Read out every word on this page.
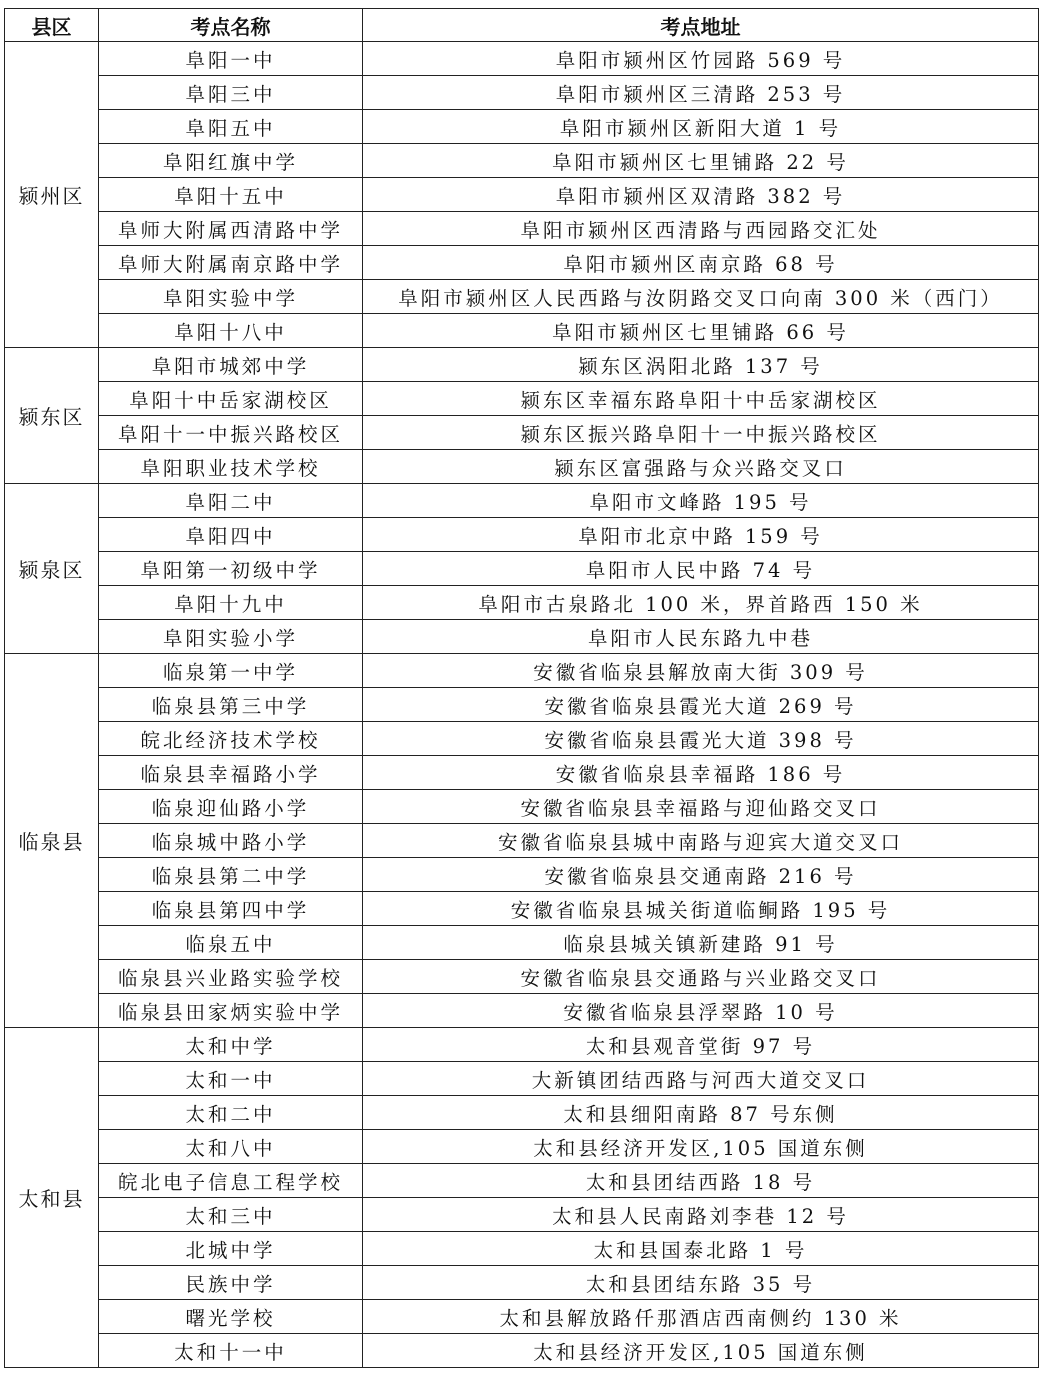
县区	考点名称	考点地址
颍州区	阜阳一中	阜阳市颍州区竹园路 569 号
	阜阳三中	阜阳市颍州区三清路 253 号
	阜阳五中	阜阳市颍州区新阳大道 1 号
	阜阳红旗中学	阜阳市颍州区七里铺路 22 号
	阜阳十五中	阜阳市颍州区双清路 382 号
	阜师大附属西清路中学	阜阳市颍州区西清路与西园路交汇处
	阜师大附属南京路中学	阜阳市颍州区南京路 68 号
	阜阳实验中学	阜阳市颍州区人民西路与汝阴路交叉口向南 300 米（西门）
	阜阳十八中	阜阳市颍州区七里铺路 66 号
颍东区	阜阳市城郊中学	颍东区涡阳北路 137 号
	阜阳十中岳家湖校区	颍东区幸福东路阜阳十中岳家湖校区
	阜阳十一中振兴路校区	颍东区振兴路阜阳十一中振兴路校区
	阜阳职业技术学校	颍东区富强路与众兴路交叉口
颍泉区	阜阳二中	阜阳市文峰路 195 号
	阜阳四中	阜阳市北京中路 159 号
	阜阳第一初级中学	阜阳市人民中路 74 号
	阜阳十九中	阜阳市古泉路北 100 米，界首路西 150 米
	阜阳实验小学	阜阳市人民东路九中巷
临泉县	临泉第一中学	安徽省临泉县解放南大街 309 号
	临泉县第三中学	安徽省临泉县霞光大道 269 号
	皖北经济技术学校	安徽省临泉县霞光大道 398 号
	临泉县幸福路小学	安徽省临泉县幸福路 186 号
	临泉迎仙路小学	安徽省临泉县幸福路与迎仙路交叉口
	临泉城中路小学	安徽省临泉县城中南路与迎宾大道交叉口
	临泉县第二中学	安徽省临泉县交通南路 216 号
	临泉县第四中学	安徽省临泉县城关街道临鲖路 195 号
	临泉五中	临泉县城关镇新建路 91 号
	临泉县兴业路实验学校	安徽省临泉县交通路与兴业路交叉口
	临泉县田家炳实验中学	安徽省临泉县浮翠路 10 号
太和县	太和中学	太和县观音堂街 97 号
	太和一中	大新镇团结西路与河西大道交叉口
	太和二中	太和县细阳南路 87 号东侧
	太和八中	太和县经济开发区,105 国道东侧
	皖北电子信息工程学校	太和县团结西路 18 号
	太和三中	太和县人民南路刘李巷 12 号
	北城中学	太和县国泰北路 1 号
	民族中学	太和县团结东路 35 号
	曙光学校	太和县解放路仟那酒店西南侧约 130 米
	太和十一中	太和县经济开发区,105 国道东侧
